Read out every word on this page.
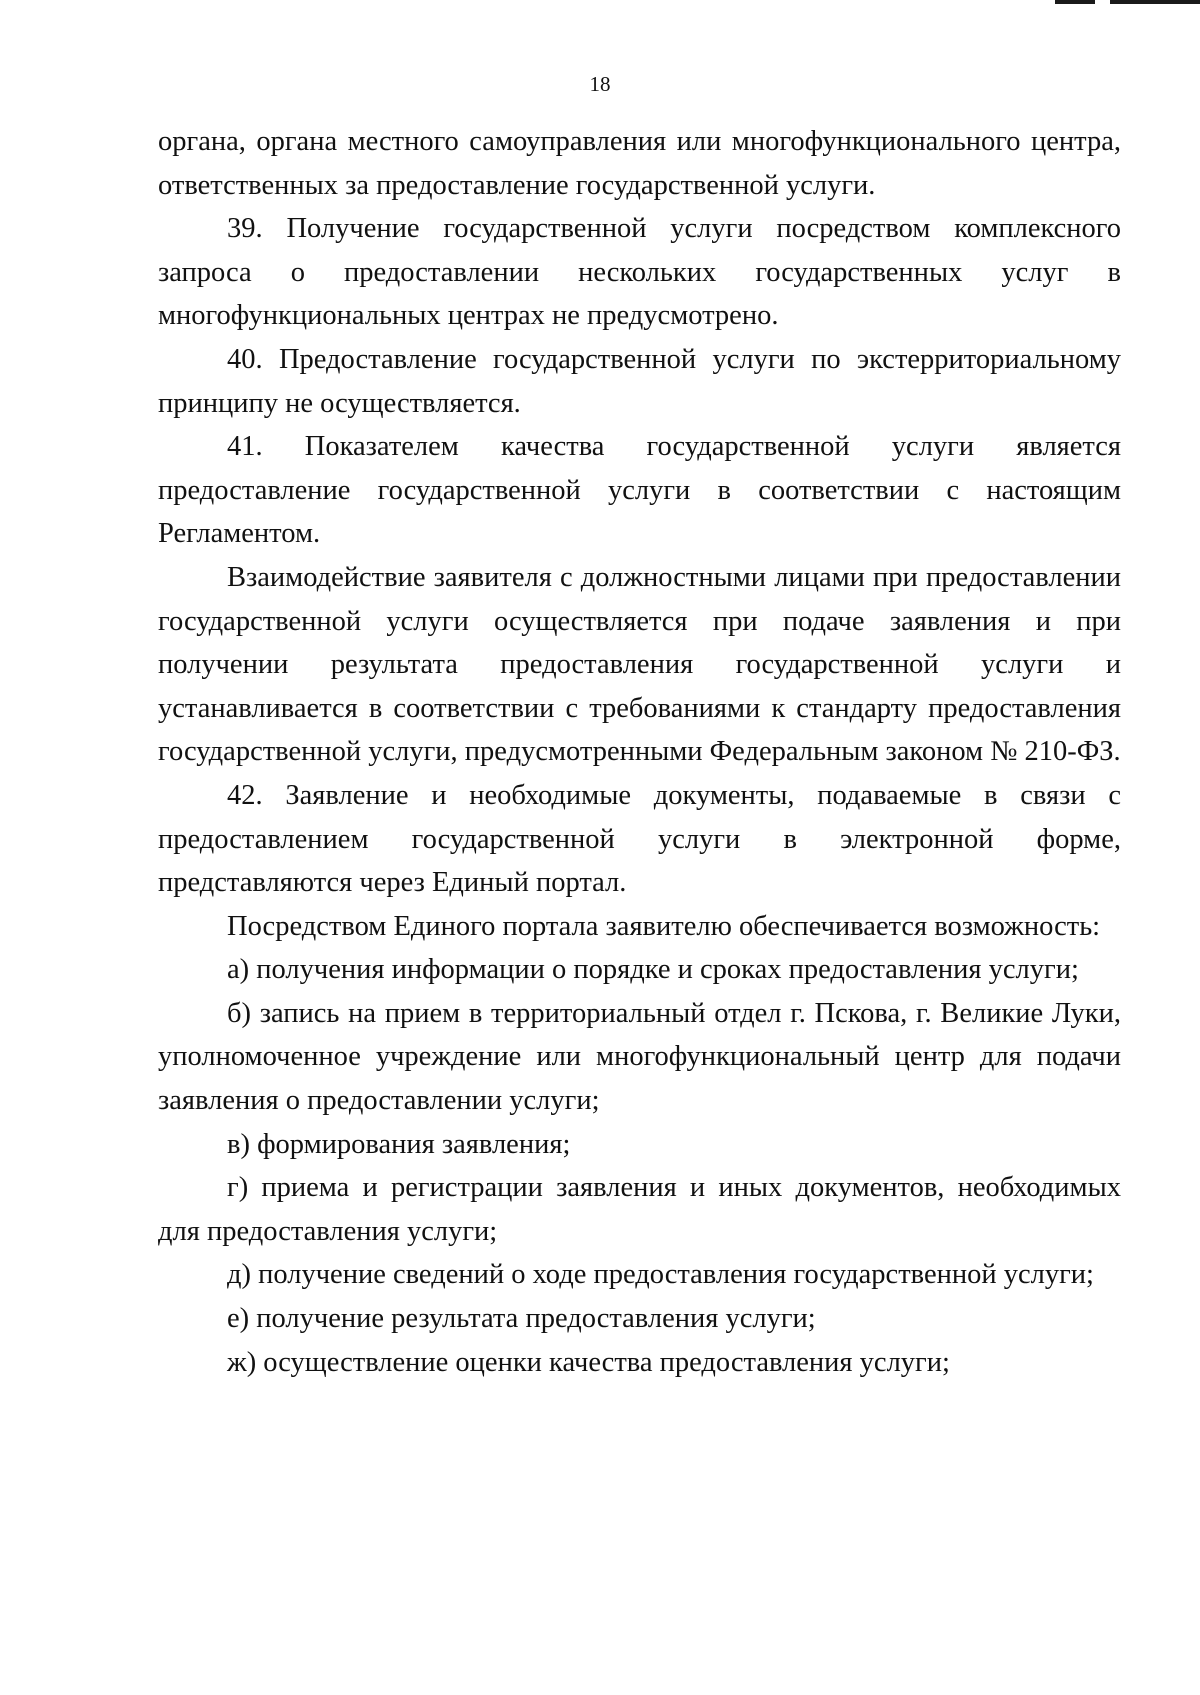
18

органа, органа местного самоуправления или многофункционального центра, ответственных за предоставление государственной услуги.

39. Получение государственной услуги посредством комплексного запроса о предоставлении нескольких государственных услуг в многофункциональных центрах не предусмотрено.

40. Предоставление государственной услуги по экстерриториальному принципу не осуществляется.

41. Показателем качества государственной услуги является предоставление государственной услуги в соответствии с настоящим Регламентом.

Взаимодействие заявителя с должностными лицами при предоставлении государственной услуги осуществляется при подаче заявления и при получении результата предоставления государственной услуги и устанавливается в соответствии с требованиями к стандарту предоставления государственной услуги, предусмотренными Федеральным законом № 210-ФЗ.

42. Заявление и необходимые документы, подаваемые в связи с предоставлением государственной услуги в электронной форме, представляются через Единый портал.

Посредством Единого портала заявителю обеспечивается возможность:

а) получения информации о порядке и сроках предоставления услуги;

б) запись на прием в территориальный отдел г. Пскова, г. Великие Луки, уполномоченное учреждение или многофункциональный центр для подачи заявления о предоставлении услуги;

в) формирования заявления;

г) приема и регистрации заявления и иных документов, необходимых для предоставления услуги;

д) получение сведений о ходе предоставления государственной услуги;

е) получение результата предоставления услуги;

ж) осуществление оценки качества предоставления услуги;
